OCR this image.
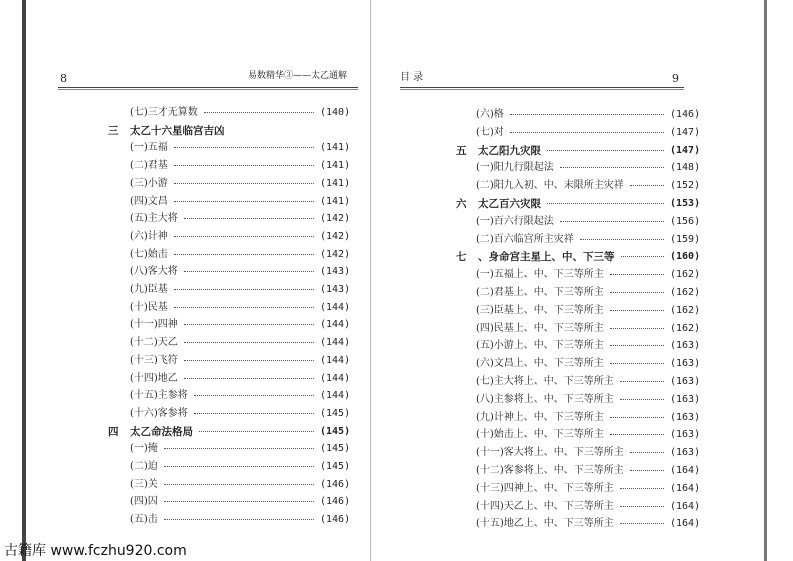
8	易数精华③——太乙通解
(七)三才无算数	(140)
三 太乙十六星临宫吉凶
(一)五福	(141)
(二)君基	(141)
(三)小游	(141)
(四)文昌	(141)
(五)主大将	(142)
(六)计神	(142)
(七)始击	(142)
(八)客大将	(143)
(九)臣基	(143)
(十)民基	(144)
(十一)四神	(144)
(十二)天乙	(144)
(十三)飞符	(144)
(十四)地乙	(144)
(十五)主参将	(144)
(十六)客参将	(145)
四 太乙命法格局	(145)
(一)掩	(145)
(二)迫	(145)
(三)关	(146)
(四)囚	(146)
(五)击	(146)
目 录	9
(六)格	(146)
(七)对	(147)
五 太乙阳九灾限	(147)
(一)阳九行限起法	(148)
(二)阳九入初、中、末限所主灾祥	(152)
六 太乙百六灾限	(153)
(一)百六行限起法	(156)
(二)百六临宫所主灾祥	(159)
七 、身命宫主星上、中、下三等	(160)
(一)五福上、中、下三等所主	(162)
(二)君基上、中、下三等所主	(162)
(三)臣基上、中、下三等所主	(162)
(四)民基上、中、下三等所主	(162)
(五)小游上、中、下三等所主	(163)
(六)文昌上、中、下三等所主	(163)
(七)主大将上、中、下三等所主	(163)
(八)主参将上、中、下三等所主	(163)
(九)计神上、中、下三等所主	(163)
(十)始击上、中、下三等所主	(163)
(十一)客大将上、中、下三等所主	(163)
(十二)客参将上、中、下三等所主	(164)
(十三)四神上、中、下三等所主	(164)
(十四)天乙上、中、下三等所主	(164)
(十五)地乙上、中、下三等所主	(164)
古籍库 www.fczhu920.com
